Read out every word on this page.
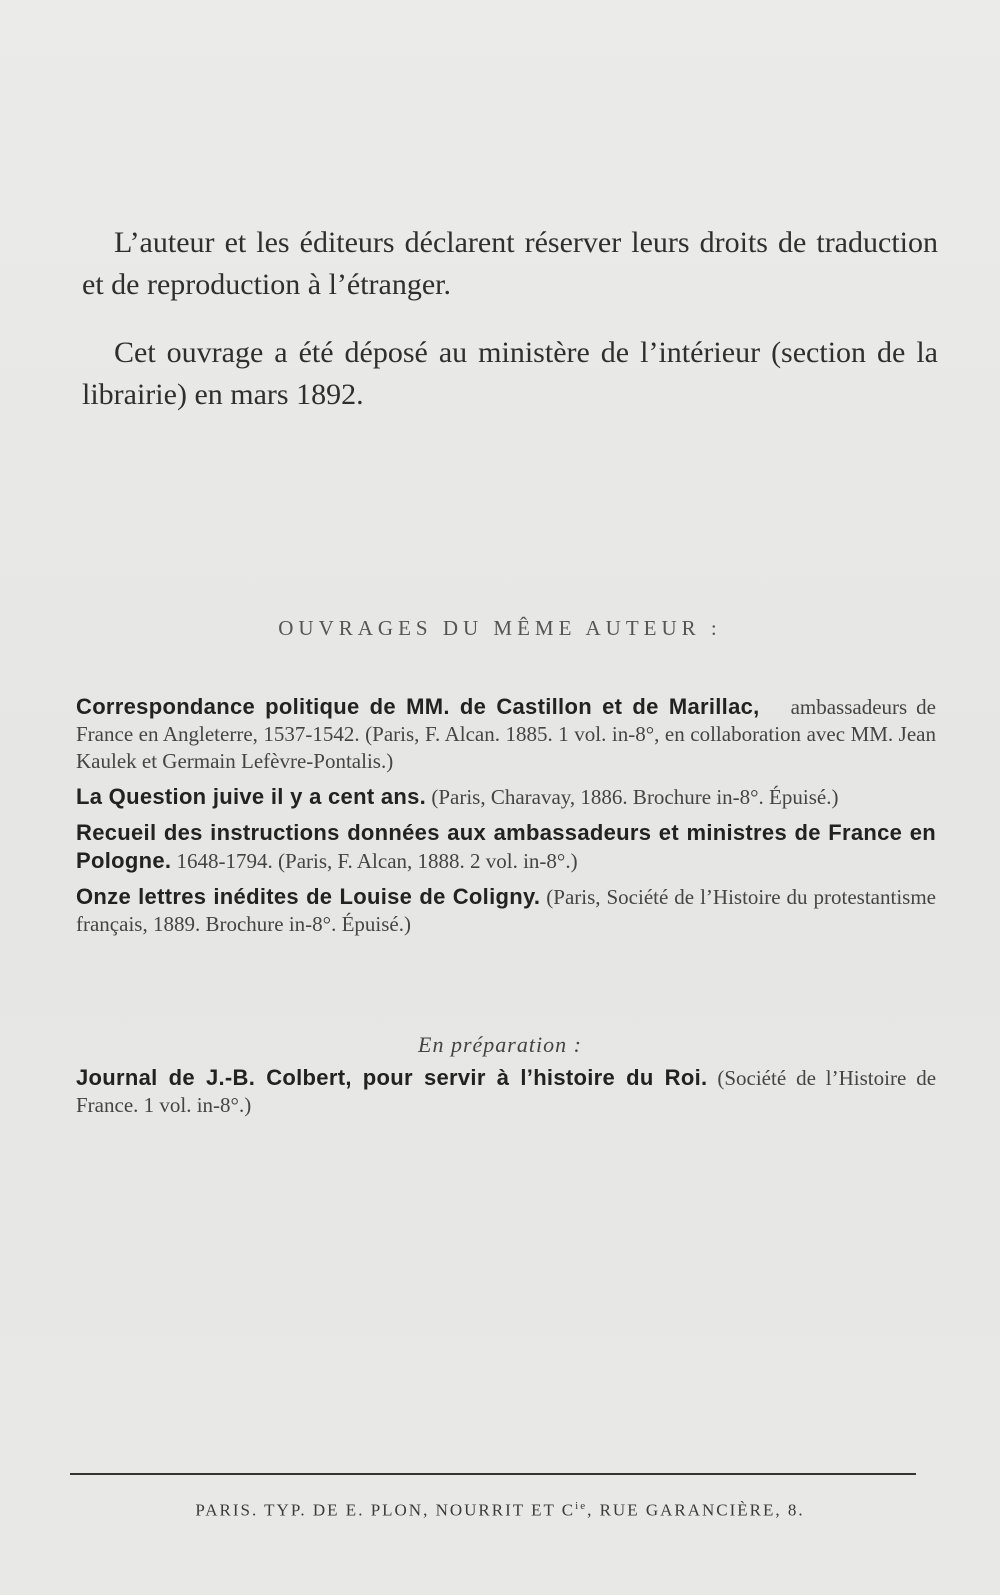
L’auteur et les éditeurs déclarent réserver leurs droits de traduction et de reproduction à l’étranger.

Cet ouvrage a été déposé au ministère de l’intérieur (section de la librairie) en mars 1892.

OUVRAGES DU MÊME AUTEUR :

Correspondance politique de MM. de Castillon et de Marillac, ambassadeurs de France en Angleterre, 1537-1542. (Paris, F. Alcan. 1885. 1 vol. in-8°, en collaboration avec MM. Jean Kaulek et Germain Lefèvre-Pontalis.)

La Question juive il y a cent ans. (Paris, Charavay, 1886. Brochure in-8°. Épuisé.)

Recueil des instructions données aux ambassadeurs et ministres de France en Pologne. 1648-1794. (Paris, F. Alcan, 1888. 2 vol. in-8°.)

Onze lettres inédites de Louise de Coligny. (Paris, Société de l’Histoire du protestantisme français, 1889. Brochure in-8°. Épuisé.)

En préparation :

Journal de J.-B. Colbert, pour servir à l’histoire du Roi. (Société de l’Histoire de France. 1 vol. in-8°.)

PARIS. TYP. DE E. PLON, NOURRIT ET $C^{ie}$, RUE GARANCIÈRE, 8.
